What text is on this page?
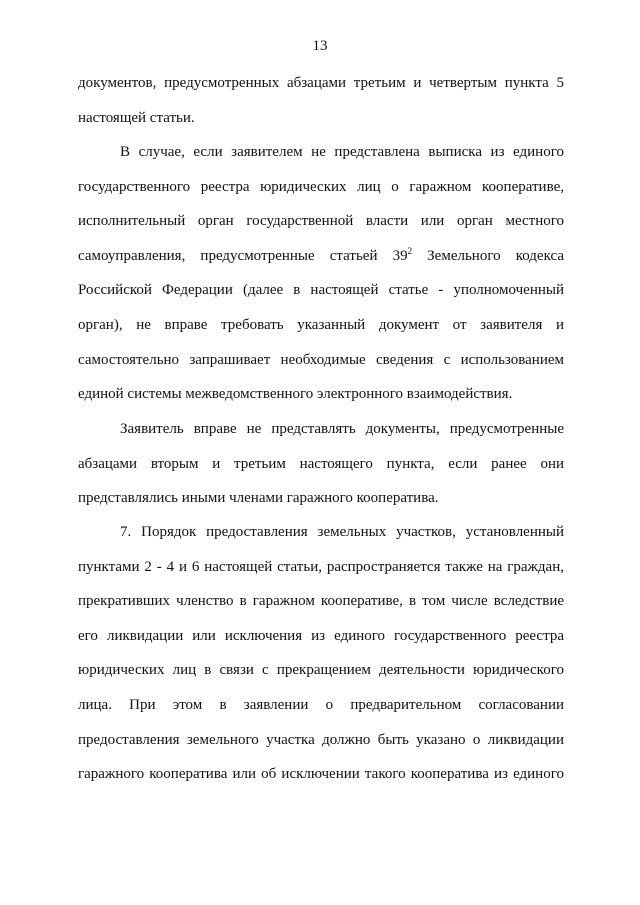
13
документов, предусмотренных абзацами третьим и четвертым пункта 5
настоящей статьи.
В случае, если заявителем не представлена выписка из единого
государственного реестра юридических лиц о гаражном кооперативе,
исполнительный орган государственной власти или орган местного
самоуправления, предусмотренные статьей $39^2$ Земельного кодекса
Российской Федерации (далее в настоящей статье - уполномоченный
орган), не вправе требовать указанный документ от заявителя и
самостоятельно запрашивает необходимые сведения с использованием
единой системы межведомственного электронного взаимодействия.
Заявитель вправе не представлять документы, предусмотренные
абзацами вторым и третьим настоящего пункта, если ранее они
представлялись иными членами гаражного кооператива.
7. Порядок предоставления земельных участков, установленный
пунктами 2 - 4 и 6 настоящей статьи, распространяется также на граждан,
прекративших членство в гаражном кооперативе, в том числе вследствие
его ликвидации или исключения из единого государственного реестра
юридических лиц в связи с прекращением деятельности юридического
лица. При этом в заявлении о предварительном согласовании
предоставления земельного участка должно быть указано о ликвидации
гаражного кооператива или об исключении такого кооператива из единого
